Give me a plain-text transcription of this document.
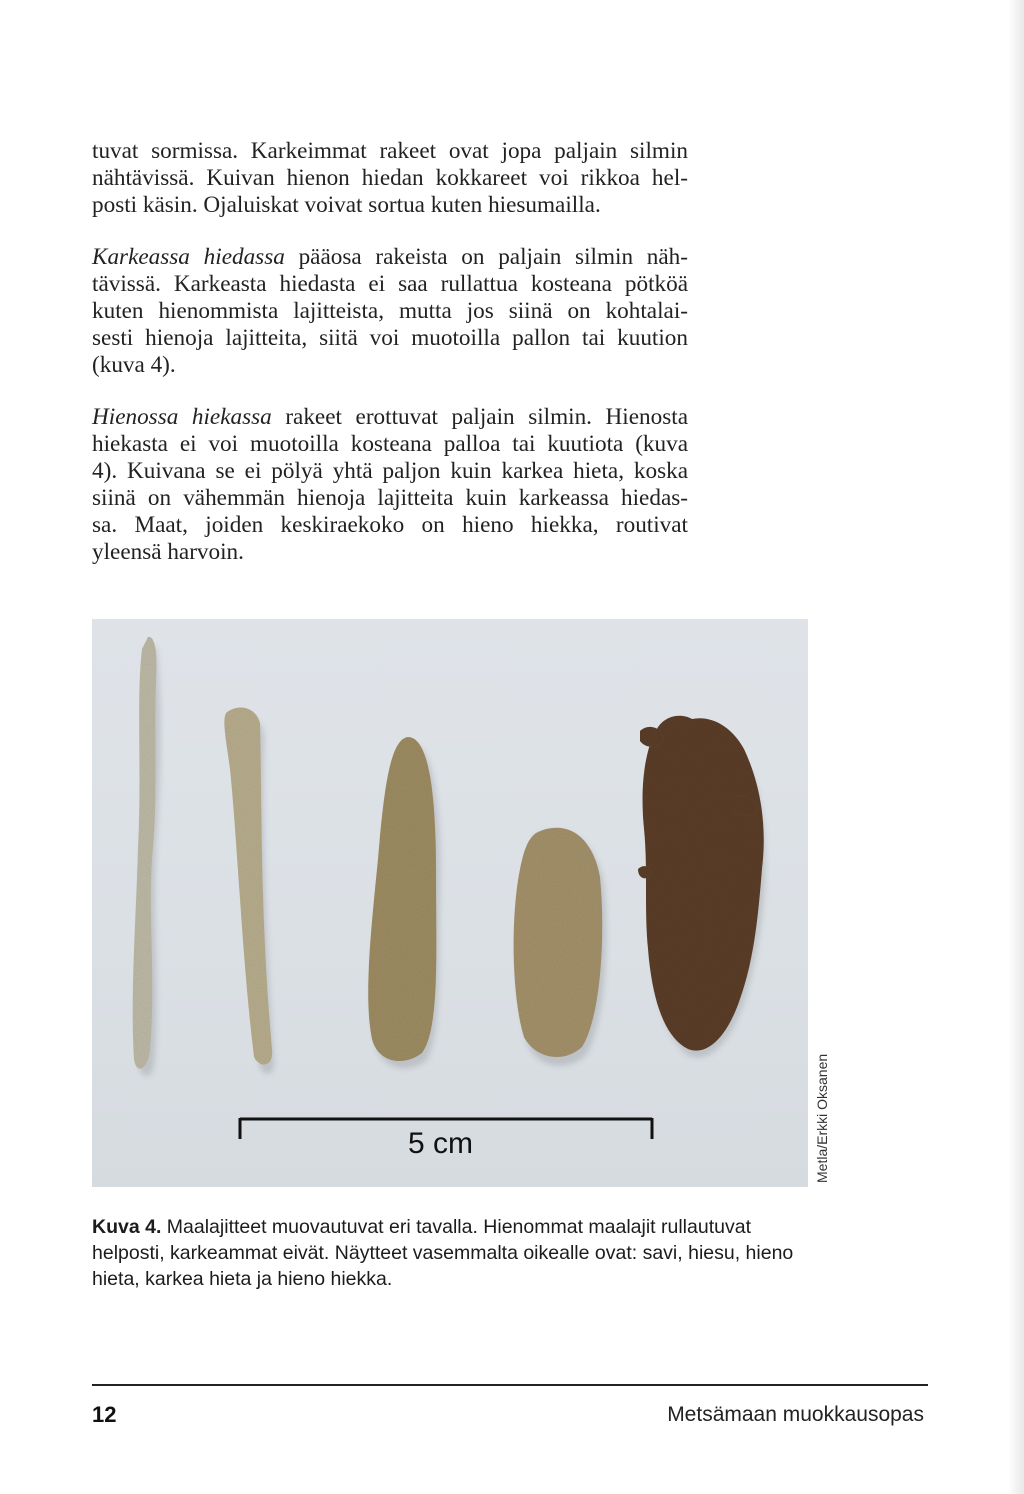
tuvat sormissa. Karkeimmat rakeet ovat jopa paljain silmin
nähtävissä. Kuivan hienon hiedan kokkareet voi rikkoa hel-
posti käsin. Ojaluiskat voivat sortua kuten hiesumailla.

Karkeassa hiedassa pääosa rakeista on paljain silmin näh-
tävissä. Karkeasta hiedasta ei saa rullattua kosteana pötköä
kuten hienommista lajitteista, mutta jos siinä on kohtalai-
sesti hienoja lajitteita, siitä voi muotoilla pallon tai kuution
(kuva 4).

Hienossa hiekassa rakeet erottuvat paljain silmin. Hienosta
hiekasta ei voi muotoilla kosteana palloa tai kuutiota (kuva
4). Kuivana se ei pölyä yhtä paljon kuin karkea hieta, koska
siinä on vähemmän hienoja lajitteita kuin karkeassa hiedas-
sa. Maat, joiden keskiraekoko on hieno hiekka, routivat
yleensä harvoin.

5 cm	Metla/Erkki Oksanen
Kuva 4. Maalajitteet muovautuvat eri tavalla. Hienommat maalajit rullautuvat helposti, karkeammat eivät. Näytteet vasemmalta oikealle ovat: savi, hiesu, hieno hieta, karkea hieta ja hieno hiekka.
12	Metsämaan muokkausopas
